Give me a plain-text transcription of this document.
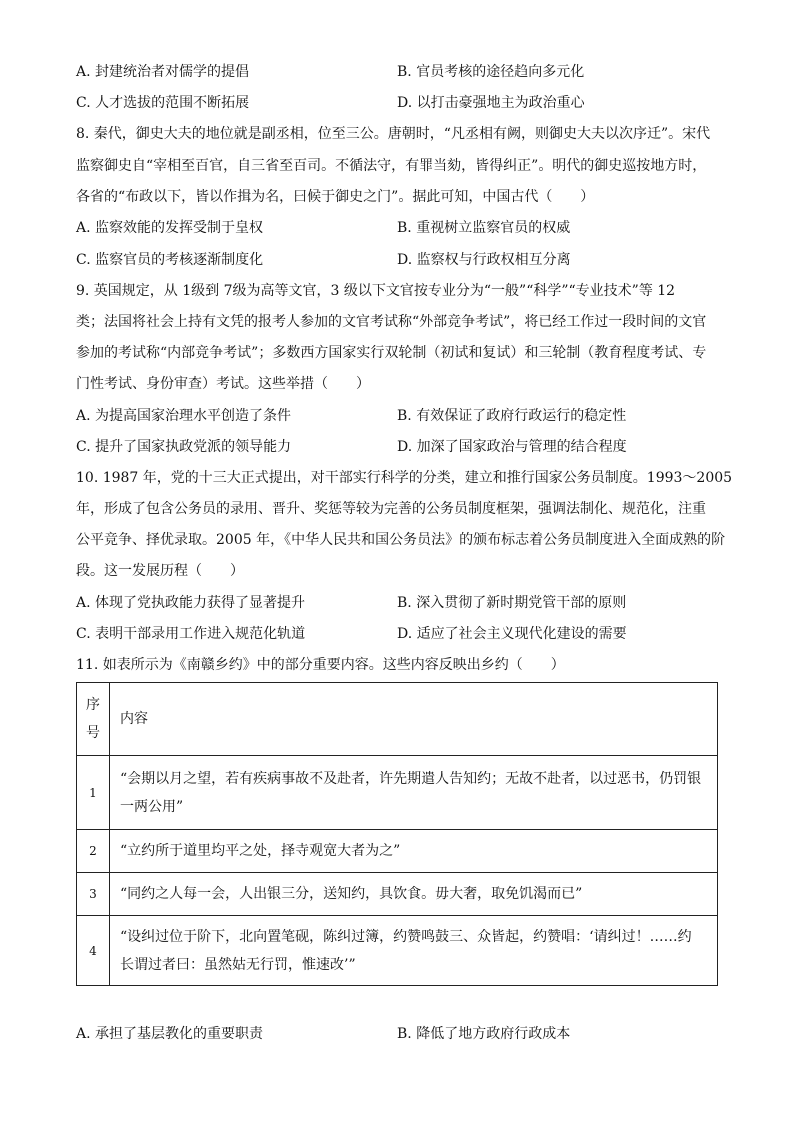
A. 封建统治者对儒学的提倡	B. 官员考核的途径趋向多元化
C. 人才选拔的范围不断拓展	D. 以打击豪强地主为政治重心
8. 秦代，御史大夫的地位就是副丞相，位至三公。唐朝时，“凡丞相有阙，则御史大夫以次序迁”。宋代
监察御史自“宰相至百官，自三省至百司。不循法守，有罪当劾，皆得纠正”。明代的御史巡按地方时，
各省的“布政以下，皆以作揖为名，曰候于御史之门”。据此可知，中国古代（　　）
A. 监察效能的发挥受制于皇权	B. 重视树立监察官员的权威
C. 监察官员的考核逐渐制度化	D. 监察权与行政权相互分离
9. 英国规定，从 1级到 7级为高等文官，3 级以下文官按专业分为“一般”“科学”“专业技术”等 12
类；法国将社会上持有文凭的报考人参加的文官考试称“外部竞争考试”，将已经工作过一段时间的文官
参加的考试称“内部竞争考试”；多数西方国家实行双轮制（初试和复试）和三轮制（教育程度考试、专
门性考试、身份审查）考试。这些举措（　　）
A. 为提高国家治理水平创造了条件	B. 有效保证了政府行政运行的稳定性
C. 提升了国家执政党派的领导能力	D. 加深了国家政治与管理的结合程度
10. 1987 年，党的十三大正式提出，对干部实行科学的分类，建立和推行国家公务员制度。1993～2005
年，形成了包含公务员的录用、晋升、奖惩等较为完善的公务员制度框架，强调法制化、规范化，注重
公平竞争、择优录取。2005 年，《中华人民共和国公务员法》的颁布标志着公务员制度进入全面成熟的阶
段。这一发展历程（　　）
A. 体现了党执政能力获得了显著提升	B. 深入贯彻了新时期党管干部的原则
C. 表明干部录用工作进入规范化轨道	D. 适应了社会主义现代化建设的需要
11. 如表所示为《南赣乡约》中的部分重要内容。这些内容反映出乡约（　　）
序
号	内容
1	“会期以月之望，若有疾病事故不及赴者，许先期遣人告知约；无故不赴者，以过恶书，仍罚银
一两公用”

2	“立约所于道里均平之处，择寺观宽大者为之”

3	“同约之人每一会，人出银三分，送知约，具饮食。毋大奢，取免饥渴而已”

4	“设纠过位于阶下，北向置笔砚，陈纠过簿，约赞鸣鼓三、众皆起，约赞唱：‘请纠过！……约
长谓过者曰：虽然姑无行罚，惟速改’”
A. 承担了基层教化的重要职责	B. 降低了地方政府行政成本
